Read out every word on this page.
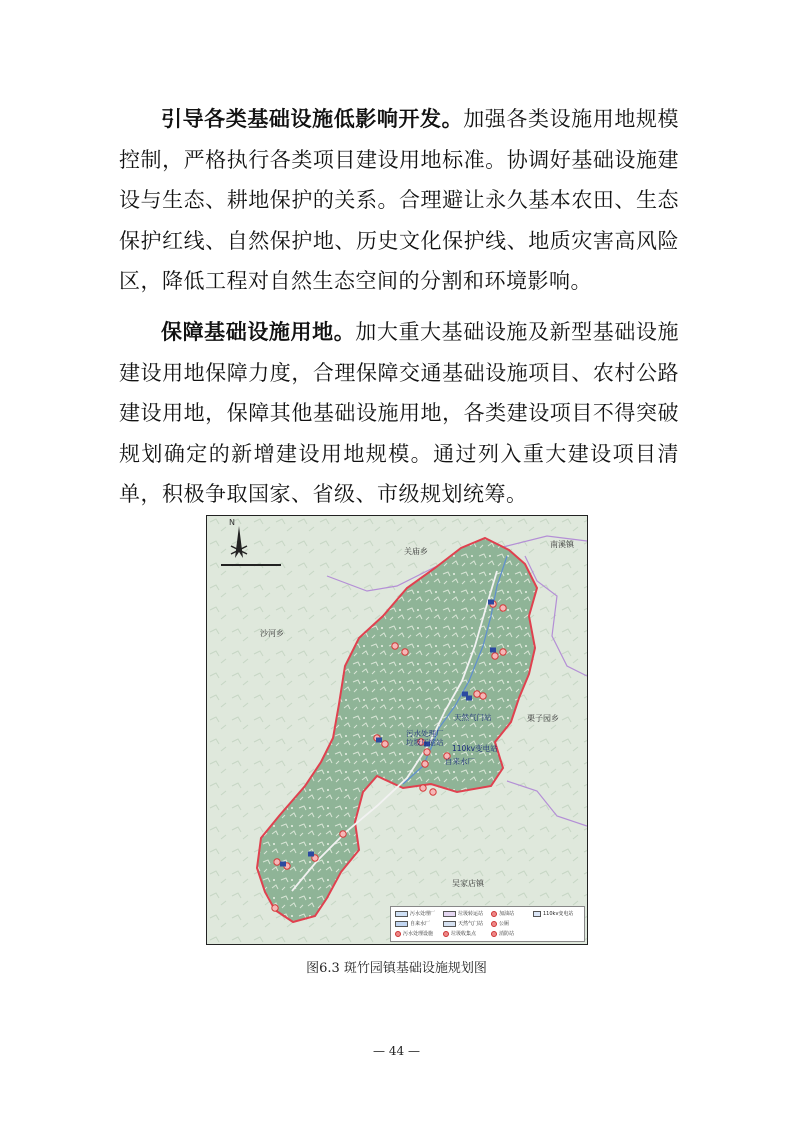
引导各类基础设施低影响开发。加强各类设施用地规模控制，严格执行各类项目建设用地标准。协调好基础设施建设与生态、耕地保护的关系。合理避让永久基本农田、生态保护红线、自然保护地、历史文化保护线、地质灾害高风险区，降低工程对自然生态空间的分割和环境影响。

保障基础设施用地。加大重大基础设施及新型基础设施建设用地保障力度，合理保障交通基础设施项目、农村公路建设用地，保障其他基础设施用地，各类建设项目不得突破规划确定的新增建设用地规模。通过列入重大建设项目清单，积极争取国家、省级、市级规划统筹。

N
关庙乡
南溪镇
沙河乡
栗子园乡
吴家店镇
污水处理厂
垃圾压缩站
天然气门站
110kv变电站
自来水厂
污水处理厂	垃圾转运站	加油站	110kv变电站
自来水厂	天然气门站	公厕
污水处理设施	垃圾收集点	消防站
图6.3 斑竹园镇基础设施规划图
— 44 —
